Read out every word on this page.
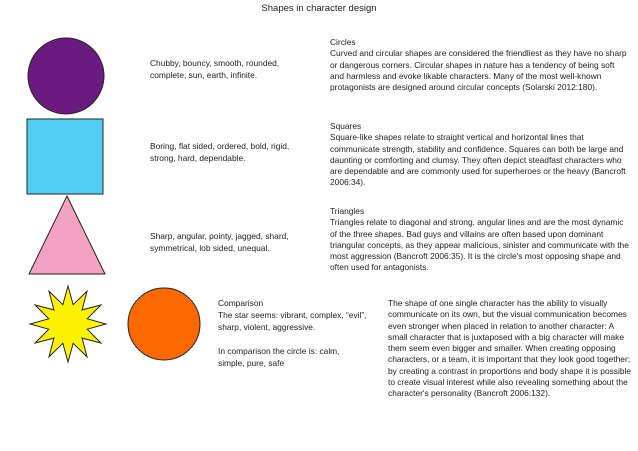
Shapes in character design
Chubby, bouncy, smooth, rounded, complete, sun, earth, infinite.
Circles
Curved and circular shapes are considered the friendliest as they have no sharp or dangerous corners. Circular shapes in nature has a tendency of being soft and harmless and evoke likable characters. Many of the most well-known protagonists are designed around circular concepts (Solarski 2012:180).
Boring, flat sided, ordered, bold, rigid, strong, hard, dependable.
Squares
Square-like shapes relate to straight vertical and horizontal lines that communicate strength, stability and confidence. Squares can both be large and daunting or comforting and clumsy. They often depict steadfast characters who are dependable and are commonly used for superheroes or the heavy (Bancroft 2006:34).
Sharp, angular, pointy, jagged, shard, symmetrical, lob sided, unequal.
Triangles
Triangles relate to diagonal and strong, angular lines and are the most dynamic of the three shapes. Bad guys and villains are often based upon dominant triangular concepts, as they appear malicious, sinister and communicate with the most aggression (Bancroft 2006:35). It is the circle's most opposing shape and often used for antagonists.
Comparison
The star seems: vibrant, complex, “evil”, sharp, violent, aggressive.
In comparison the circle is: calm, simple, pure, safe
The shape of one single character has the ability to visually communicate on its own, but the visual communication becomes even stronger when placed in relation to another character: A small character that is juxtaposed with a big character will make them seem even bigger and smaller. When creating opposing characters, or a team, it is important that they look good together; by creating a contrast in proportions and body shape it is possible to create visual interest while also revealing something about the character's personality (Bancroft 2006:132).
